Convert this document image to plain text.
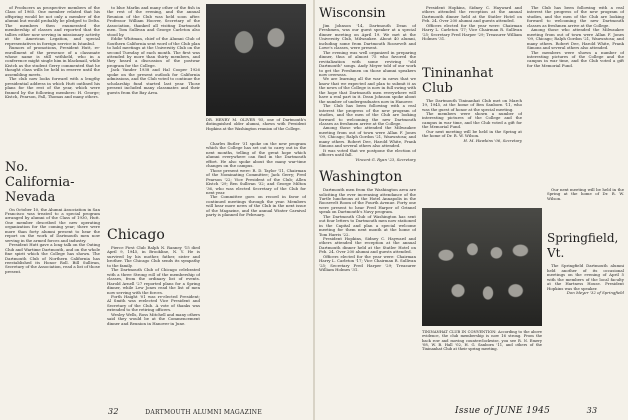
of Producers as prospective members of the Class of 1965. One member related that his offspring would be not only a member of the alumni but would probably be pledged to Delta. The members then enumerated the membership of classes and reported that the tallies either now serving in missionary activity at the American Legation, and special representatives in foreign service in Istanbul.

Rumors of promotions, President Hutt, re-enrollment of the presence of a classmate whose name is still withheld, who in a conference might single him in blackmail, while Kistch as the student Gerry commented that he thought class wills be held in reserve until the assembling meets.

The club now looks forward with a lengthy presidential address in which Hutt outlined his plans for the rest of the year, which were framed by the following members: H. George; Kistch, Pearson, Fall, Thomas and many others.

No. California-Nevada

On October 10, the Alumni Association in San Francisco was treated to a special program arranged by alumni of the Class of 1930, Hutt. One member described the new operating organization for the coming year; there were more than forty alumni present to hear the report on the work of Dartmouth men now serving in the armed forces and industry.

President Hutt gave a long talk on the Outing Club and Wartime Dartmouth, and on the whole fine spirit which the College has shown. The Dartmouth Club of Northern California has reestablished its Honor Roll. Bill Sullivan, Secretary of the Association, read a list of those present.

to blue Marlin and many other of the fish in the rest of the evening, and the annual Reunion of the Club was held soon after. Professor William Hoover, Secretary of the Association, thanked all visiting Dartmouth men. Tom Sullivan and George Carleton also stood by.

Eddie Whitman, chief of the Alumni Club of Southern California sent word of the Club plan to hold meetings at the University Club on the second Tuesday of each month. The first was attended by more than thirty members, and they heard a discussion of the postwar program for the College.

Jack Vander 1938 and Hal Cooper 1926 spoke on the present outlook for California admissions, and the Club voted to continue the scholarship fund started last year. Those present included many classmates and their guests from the Bay Area.

DR. HENRY M. OLIVER '05, one of Dartmouth's distinguished older alumni, shown with President Hopkins at the Washington reunion of the College.

Charles Butler '31 spoke on the new program which the College has set out to carry out in the next months, telling of the great hope which alumni everywhere can find in the Dartmouth effort. He also spoke about the many war-time changes on the campus.

Those present were: R. D. Taylor '11, Chairman of the Nominating Committee; Jack Gerry; Fred Pearson '22; Vice President of the Club; Allen Kistch '29; Ben Sullivan '32; and George Milton '36, who was elected Secretary of the Club for next year.

The Committee goes on record in favor of continued meetings through the year. Members will hear more news of the Club in the next issue of the Magazine, and the annual Winter Carnival party is planned for February.

Chicago

Pierce First Club Ralph N. Ranney '15 died April 9, 1945, in Brookline, N. Y. He is survived by his mother, father, sister and brother. The Chicago Club sends its sympathy to the family.

The Dartmouth Club of Chicago celebrated with a three Strong roll of the membership of classes, from the ordinary list of events. Harold Arnell '27 reported plans for a Spring dinner, while Lew Jones read the list of men now serving with the forces.

Forth Haight '01 was re-elected President; Al Smith was reelected Vice President and Secretary of the Club. A vote of thanks was extended to the retiring officers.

Wesley Wells, Ross Mitchell and many others said they would be at the Commencement dinner and Reunion in Hanover in June.

32	DARTMOUTH ALUMNI MAGAZINE
Wisconsin

Jim Johnson '14, Dartmouth Dean of Freshmen, was our guest speaker at a special dinner meeting on April 19. We met at the University Club, Milwaukee. About 40 alumni, including some from Dartmouth Roosevelt and Lowe's classes, were present.

The evening was well organized in preparing dinner, thus of almost 75 who favored the revitalization with some reviving "old Dartmouth" songs. Andy Meyer told of our work to get the Freshmen on those alumni speakers now overseas.

We are learning all the war in news that we know that we expected and plan to submit it as the news of the College is now in full swing with the hope that Dartmouth men everywhere will have a real part in it. Dean Johnson spoke about the number of undergraduates now in Hanover.

The Club has been following with a real interest the progress of the new program of studies, and the men of the Club are looking forward to welcoming the new Dartmouth classes as freshmen arrive at the College.

Among those who attended the Milwaukee meeting from out of town were Allan F. Jones '09, Chicago; Ralph Gordon '21, Wauwatosa; and many others. Robert Dee, Harold White, Frank Simons and several others also attended.

It was voted that we postpone the election of officers until fall.

Vincent G. Ryan '23, Secretary

Washington

Dartmouth men from the Washington area are soliciting the ever increasing attendance of the Turtle luncheons at the Hotel Annapolis in the Roosevelt Room of the Fourth Avenue. Forty one were present to hear Fred Harper of Grinnel speak on Dartmouth's Navy program.

The Dartmouth Club of Washington has sent out four letters to Dartmouth men now stationed in the Capital and plan a special welcome meeting for them next month at the home of Tom Harris '22.

President Hopkins, Sidney C. Hayward and others attended the reception at the annual Dartmouth dinner held at the Statler Hotel on Feb. 24. Over 200 alumni and guests attended.

Officers elected for the year were: Chairman Harry L. Carleton '17; Vice Chairman R. Sullivan '25; Secretary Fred Harper '29; Treasurer William Holmes '31.

President Hopkins, Sidney C. Hayward and others attended the reception at the annual Dartmouth dinner held at the Statler Hotel on Feb. 24. Over 200 alumni and guests attended.

Officers elected for the year were: Chairman Harry L. Carleton '17; Vice Chairman R. Sullivan '25; Secretary Fred Harper '29; Treasurer William Holmes '31.

Tininanhat Club

The Dartmouth Tininanhat Club met on March 19, 1945, at the home of Ben Sanborn '11, who was the guest of honor at the special meeting.

The members were shown a number of interesting pictures of the College and the campus in war time, and the Club voted a gift for the Memorial Fund.

Our next meeting will be held in the Spring at the home of Dr. R. W. Wilson.

H. M. Hawkins '06, Secretary

The Club has been following with a real interest the progress of the new program of studies, and the men of the Club are looking forward to welcoming the new Dartmouth classes as freshmen arrive at the College.

Among those who attended the Milwaukee meeting from out of town were Allan F. Jones '09, Chicago; Ralph Gordon '21, Wauwatosa; and many others. Robert Dee, Harold White, Frank Simons and several others also attended.

The members were shown a number of interesting pictures of the College and the campus in war time, and the Club voted a gift for the Memorial Fund.

TININANHAT CLUB IN CONVENTION: According to the above evidence, the club membership is now 16 strong. From the back row and moving counterclockwise, you see R. N. Emery '08, W. B. Hall '02, H. G. Sanborn '11, and others of the Tininanhat Club at their spring meeting.

Our next meeting will be held in the Spring at the home of Dr. R. W. Wilson.

Springfield, Vt.

The Springfield Dartmouth alumni held another of its occasional meetings on the evening of April 5 with the members of the local faculty at the Hartness House. President Hopkins was the speaker.

Don Meyer '32 of Springfield

Issue of JUNE 1945	33
